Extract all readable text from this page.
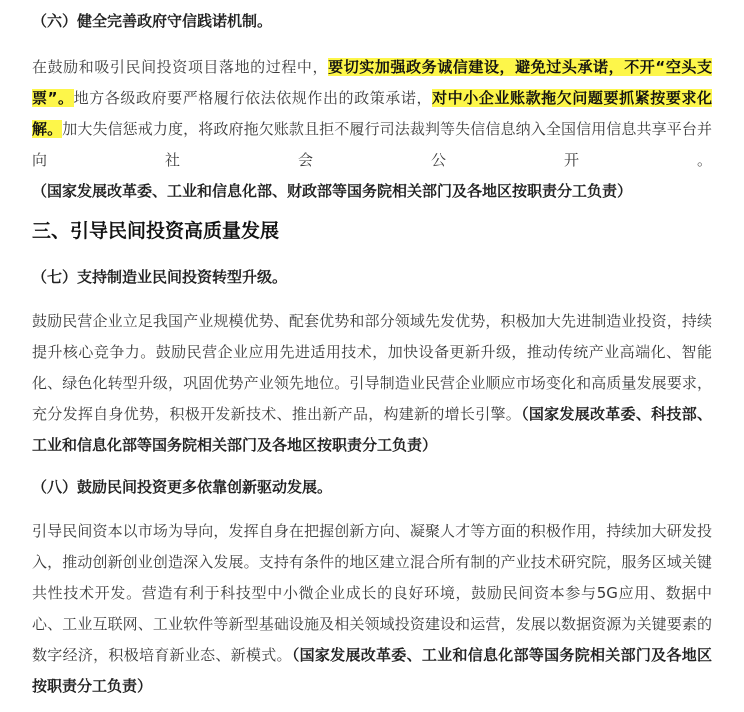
（六）健全完善政府守信践诺机制。
在鼓励和吸引民间投资项目落地的过程中，要切实加强政务诚信建设，避免过头承诺，不开“空头支票”。地方各级政府要严格履行依法依规作出的政策承诺，对中小企业账款拖欠问题要抓紧按要求化解。加大失信惩戒力度，将政府拖欠账款且拒不履行司法裁判等失信信息纳入全国信用信息共享平台并向社会公开。（国家发展改革委、工业和信息化部、财政部等国务院相关部门及各地区按职责分工负责）
三、引导民间投资高质量发展
（七）支持制造业民间投资转型升级。
鼓励民营企业立足我国产业规模优势、配套优势和部分领域先发优势，积极加大先进制造业投资，持续提升核心竞争力。鼓励民营企业应用先进适用技术，加快设备更新升级，推动传统产业高端化、智能化、绿色化转型升级，巩固优势产业领先地位。引导制造业民营企业顺应市场变化和高质量发展要求，充分发挥自身优势，积极开发新技术、推出新产品，构建新的增长引擎。（国家发展改革委、科技部、工业和信息化部等国务院相关部门及各地区按职责分工负责）
（八）鼓励民间投资更多依靠创新驱动发展。
引导民间资本以市场为导向，发挥自身在把握创新方向、凝聚人才等方面的积极作用，持续加大研发投入，推动创新创业创造深入发展。支持有条件的地区建立混合所有制的产业技术研究院，服务区域关键共性技术开发。营造有利于科技型中小微企业成长的良好环境，鼓励民间资本参与5G应用、数据中心、工业互联网、工业软件等新型基础设施及相关领域投资建设和运营，发展以数据资源为关键要素的数字经济，积极培育新业态、新模式。（国家发展改革委、工业和信息化部等国务院相关部门及各地区按职责分工负责）
